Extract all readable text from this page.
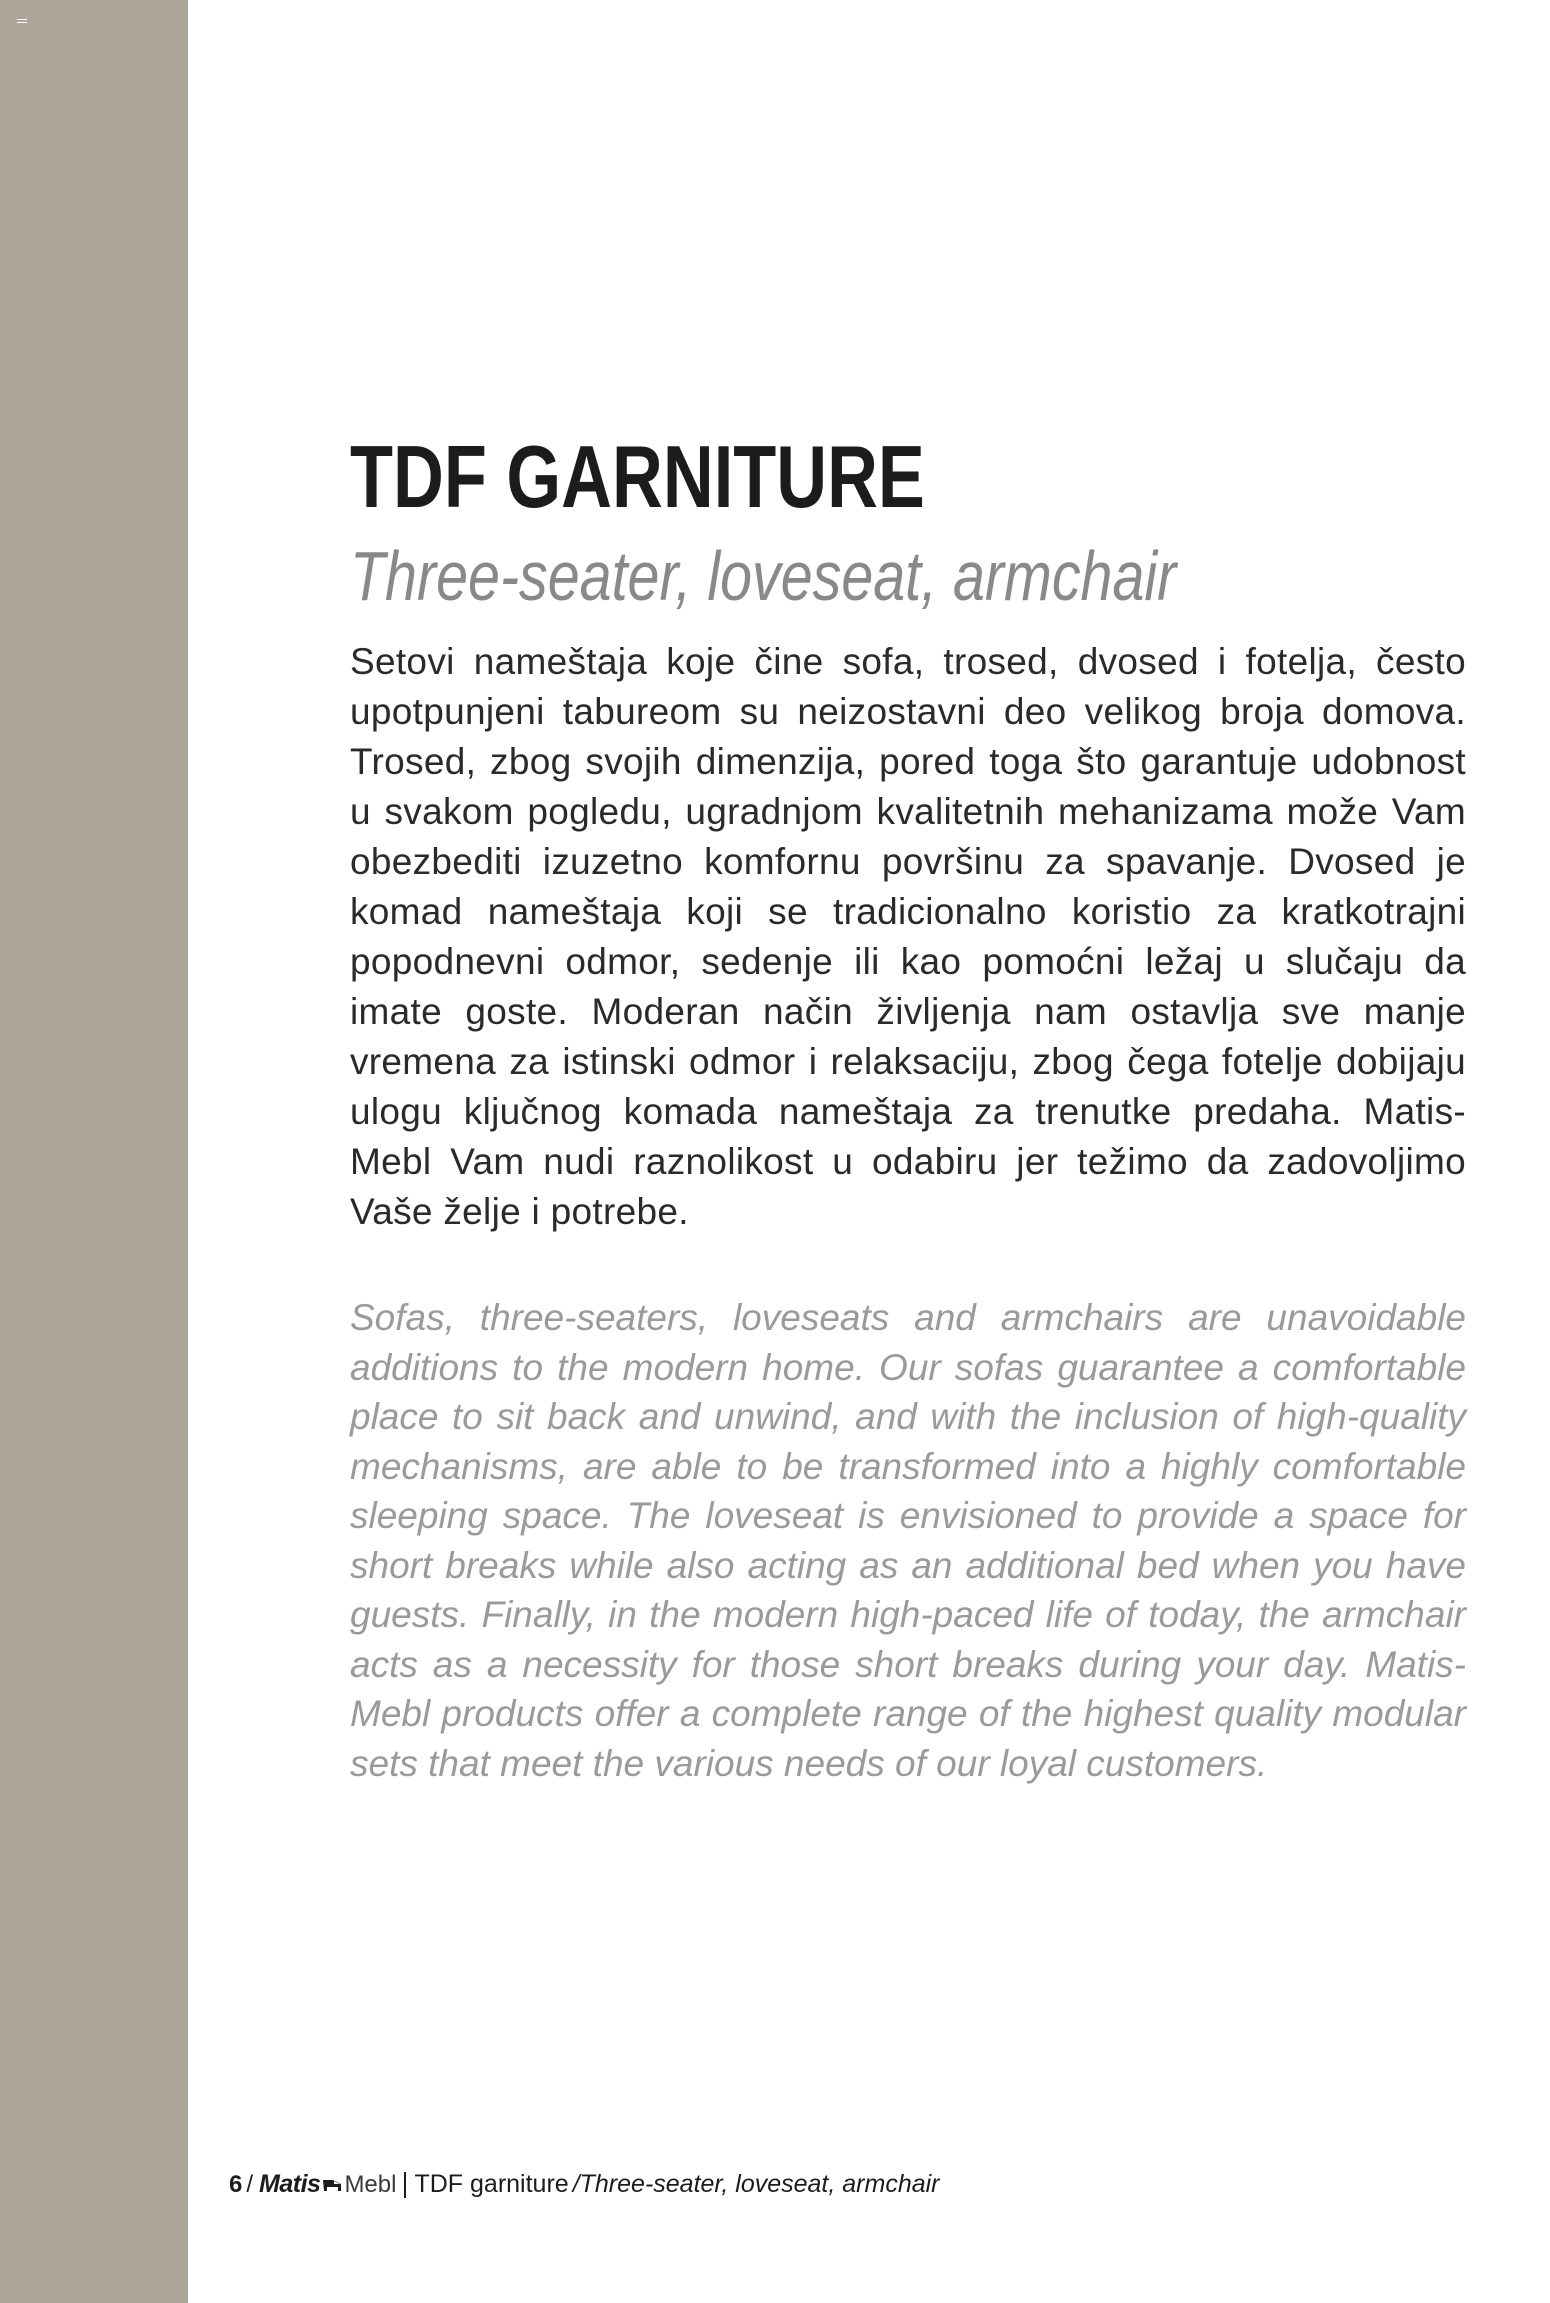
TDF GARNITURE
Three-seater, loveseat, armchair

Setovi nameštaja koje čine sofa, trosed, dvosed i fotelja, često upotpunjeni tabureom su neizostavni deo velikog broja domova. Trosed, zbog svojih dimenzija, pored toga što garantuje udobnost u svakom pogledu, ugradnjom kvalitetnih mehanizama može Vam obezbediti izuzetno komfornu površinu za spavanje. Dvosed je komad nameštaja koji se tradicionalno koristio za kratkotrajni popodnevni odmor, sedenje ili kao pomoćni ležaj u slučaju da imate goste. Moderan način življenja nam ostavlja sve manje vremena za istinski odmor i relaksaciju, zbog čega fotelje dobijaju ulogu ključnog komada nameštaja za trenutke predaha. Matis-Mebl Vam nudi raznolikost u odabiru jer težimo da zadovoljimo Vaše želje i potrebe.

Sofas, three-seaters, loveseats and armchairs are unavoidable additions to the modern home. Our sofas guarantee a comfortable place to sit back and unwind, and with the inclusion of high-quality mechanisms, are able to be transformed into a highly comfortable sleeping space. The loveseat is envisioned to provide a space for short breaks while also acting as an additional bed when you have guests. Finally, in the modern high-paced life of today, the armchair acts as a necessity for those short breaks during your day. Matis-Mebl products offer a complete range of the highest quality modular sets that meet the various needs of our loyal customers.

6 / Matis Mebl TDF garniture /Three-seater, loveseat, armchair
